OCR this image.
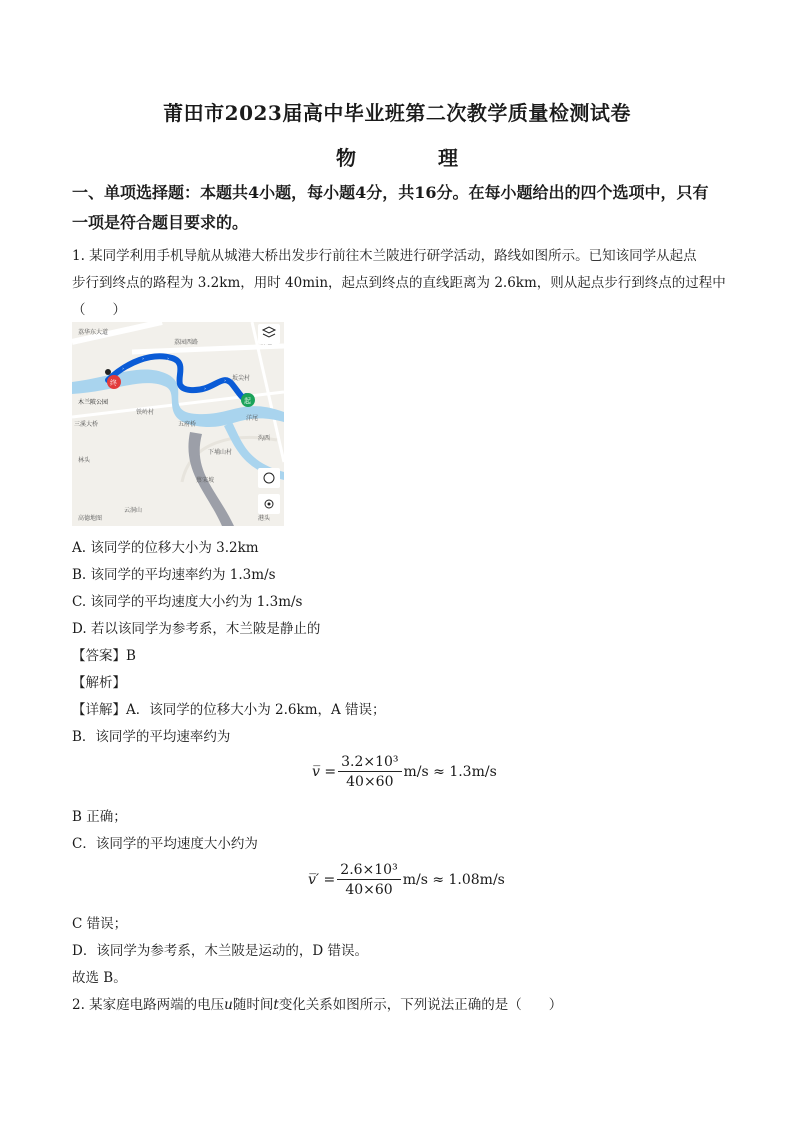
莆田市2023届高中毕业班第二次教学质量检测试卷
物	理
一、单项选择题：本题共4小题，每小题4分，共16分。在每小题给出的四个选项中，只有一项是符合题目要求的。
1. 某同学利用手机导航从城港大桥出发步行前往木兰陂进行研学活动，路线如图所示。已知该同学从起点
步行到终点的路程为 3.2km，用时 40min，起点到终点的直线距离为 2.6km，则从起点步行到终点的过程中
（　　）
›
›	›
›
›
›
荔华东大道
荔园西路
木兰陂公园
三溪大桥
铁岭村
五府桥
坂尖村
下埔山村
林头
云洞山
高德地图
蔡宋坡
洋尾
沟西
港头
终
起
A. 该同学的位移大小为 3.2km
B. 该同学的平均速率约为 1.3m/s
C. 该同学的平均速度大小约为 1.3m/s
D. 若以该同学为参考系，木兰陂是静止的
【答案】B
【解析】
【详解】A．该同学的位移大小为 2.6km，A 错误；
B．该同学的平均速率约为
v̅ = $\frac{\text{3.2×10³}}{40\times 60} m/s \approx 1.3m/s$
B 正确；
C．该同学的平均速度大小约为
v̅′ = $\frac{\text{2.6×10³}}{40\times 60} m/s \approx 1.08m/s$
C 错误；
D．该同学为参考系，木兰陂是运动的，D 错误。
故选 B。
2. 某家庭电路两端的电压u随时间t变化关系如图所示，下列说法正确的是（　　）
